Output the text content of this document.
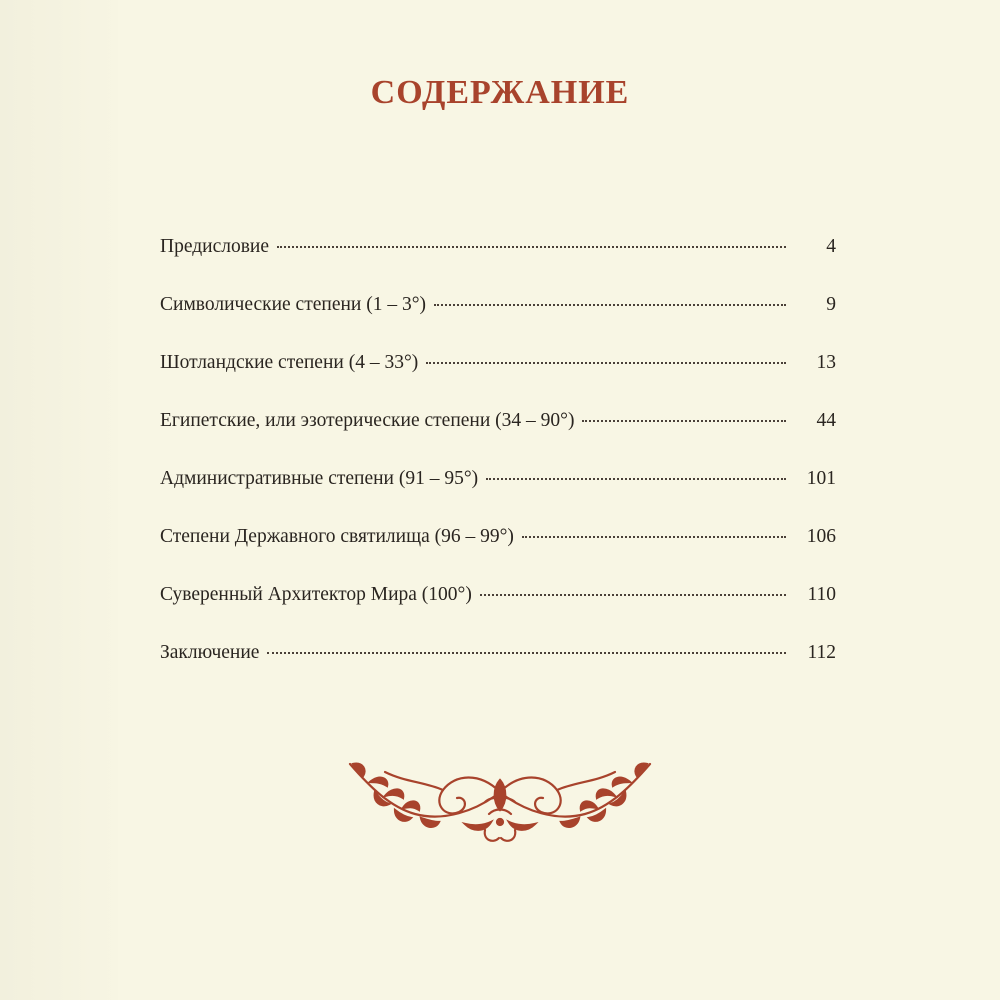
СОДЕРЖАНИЕ
Предисловие	4
Символические степени (1 – 3°)	9
Шотландские степени (4 – 33°)	13
Египетские, или эзотерические степени (34 – 90°)	44
Административные степени (91 – 95°)	101
Степени Державного святилища (96 – 99°)	106
Суверенный Архитектор Мира (100°)	110
Заключение	112
